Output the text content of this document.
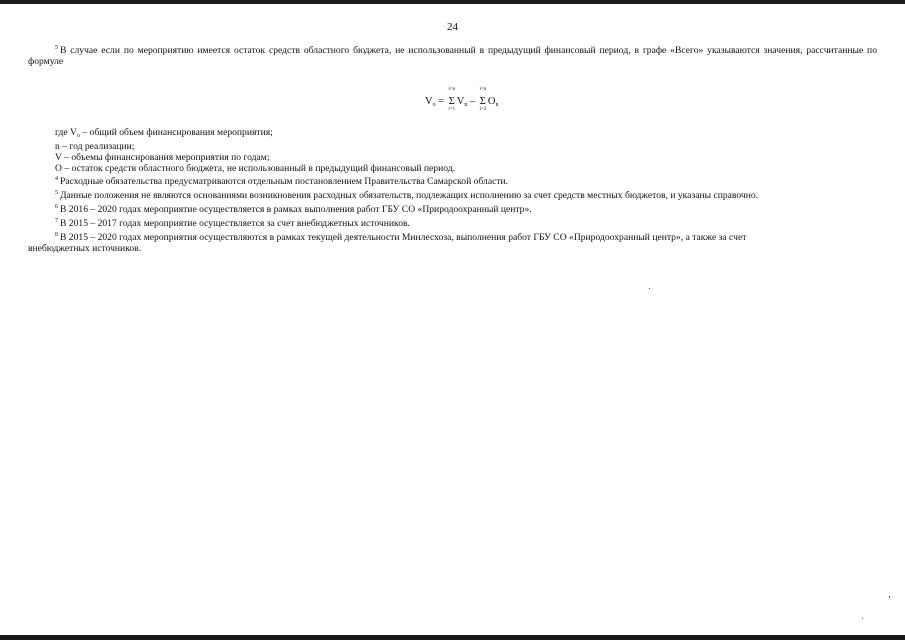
24

$^5$ В случае если по мероприятию имеется остаток средств областного бюджета, не использованный в предыдущий финансовый период, в графе «Всего» указываются значения, рассчитанные по формуле

$V_o$ =
i=n
Σ
i=1
$V_n$ –
i=n
Σ
i=2
$O_n$
где $V_o$ – общий объем финансирования мероприятия;
n – год реализации;
V – объемы финансирования мероприятия по годам;
O – остаток средств областного бюджета, не использованный в предыдущий финансовый период.
$^4$ Расходные обязательства предусматриваются отдельным постановлением Правительства Самарской области.
$^5$ Данные положения не являются основаниями возникновения расходных обязательств, подлежащих исполнению за счет средств местных бюджетов, и указаны справочно.
$^6$ В 2016 – 2020 годах мероприятие осуществляется в рамках выполнения работ ГБУ СО «Природоохранный центр».
$^7$ В 2015 – 2017 годах мероприятие осуществляется за счет внебюджетных источников.
$^8$ В 2015 – 2020 годах мероприятия осуществляются в рамках текущей деятельности Минлесхоза, выполнения работ ГБУ СО «Природоохранный центр», а также за счет
внебюджетных источников.
